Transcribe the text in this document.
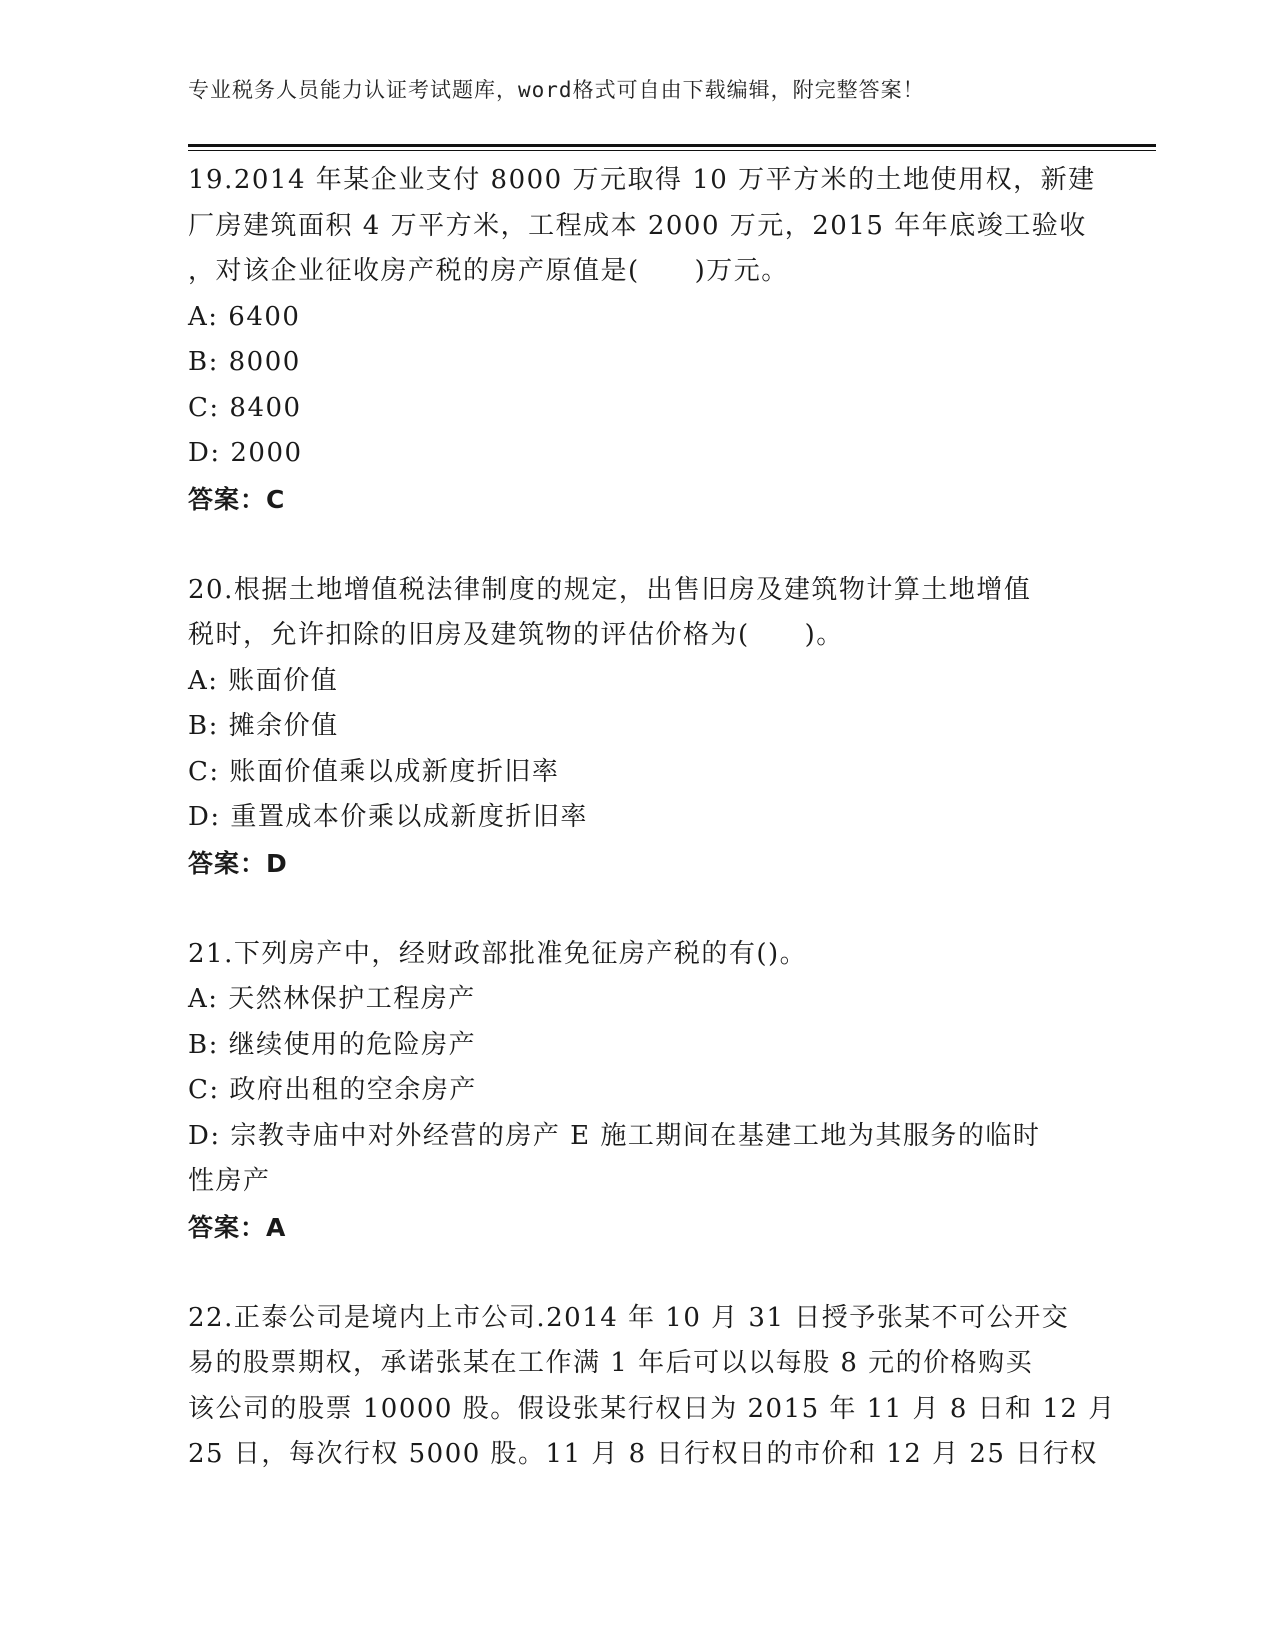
专业税务人员能力认证考试题库，word格式可自由下载编辑，附完整答案！
19.2014 年某企业支付 8000 万元取得 10 万平方米的土地使用权，新建
厂房建筑面积 4 万平方米，工程成本 2000 万元，2015 年年底竣工验收
，对该企业征收房产税的房产原值是(　　)万元。
A: 6400
B: 8000
C: 8400
D: 2000
答案：C
20.根据土地增值税法律制度的规定，出售旧房及建筑物计算土地增值
税时，允许扣除的旧房及建筑物的评估价格为(　　)。
A: 账面价值
B: 摊余价值
C: 账面价值乘以成新度折旧率
D: 重置成本价乘以成新度折旧率
答案：D
21.下列房产中，经财政部批准免征房产税的有()。
A: 天然林保护工程房产
B: 继续使用的危险房产
C: 政府出租的空余房产
D: 宗教寺庙中对外经营的房产 E 施工期间在基建工地为其服务的临时
性房产
答案：A
22.正泰公司是境内上市公司.2014 年 10 月 31 日授予张某不可公开交
易的股票期权，承诺张某在工作满 1 年后可以以每股 8 元的价格购买
该公司的股票 10000 股。假设张某行权日为 2015 年 11 月 8 日和 12 月
25 日，每次行权 5000 股。11 月 8 日行权日的市价和 12 月 25 日行权
